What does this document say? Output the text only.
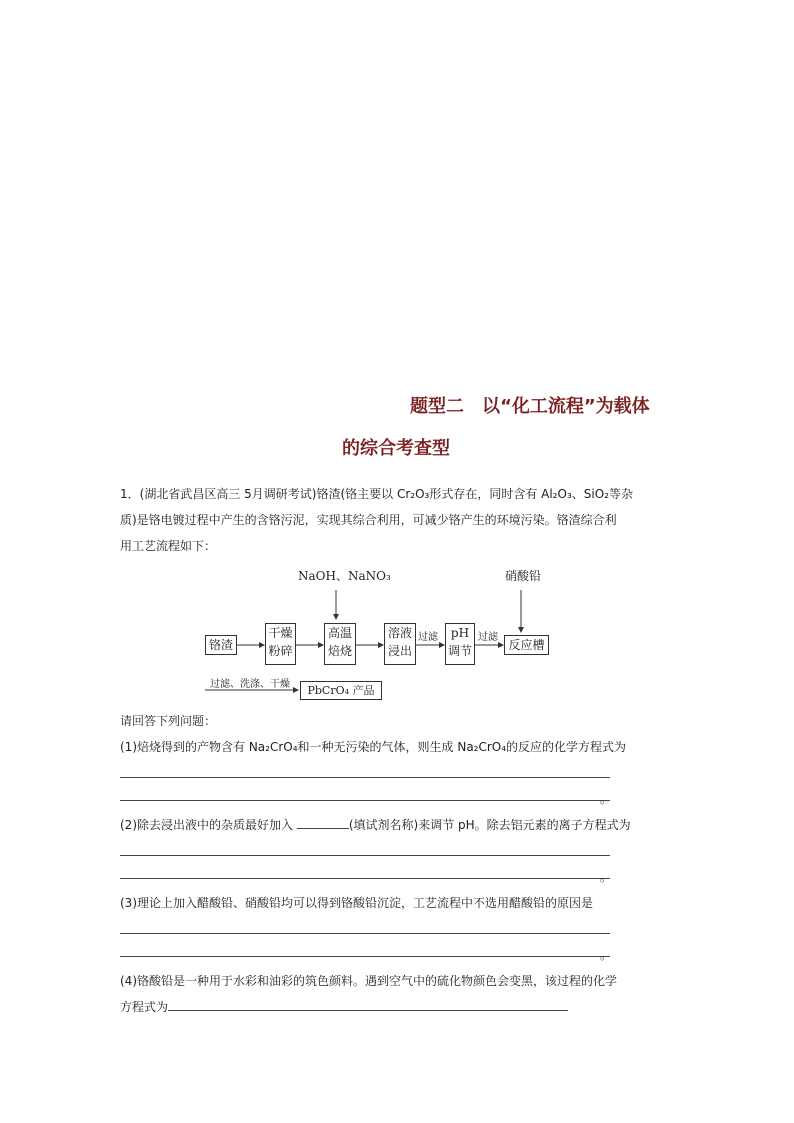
题型二　以“化工流程”为载体
的综合考查型
1．(湖北省武昌区高三 5月调研考试)铬渣(铬主要以 Cr₂O₃形式存在，同时含有 Al₂O₃、SiO₂等杂
质)是铬电镀过程中产生的含铬污泥，实现其综合利用，可减少铬产生的环境污染。铬渣综合利
用工艺流程如下：
NaOH、NaNO₃	硝酸铅
铬渣
干燥
粉碎
高温
焙烧
溶液
浸出
pH
调节	反应槽
过滤	过滤
过滤、洗涤、干燥	PbCrO₄ 产品
请回答下列问题：
(1)焙烧得到的产物含有 Na₂CrO₄和一种无污染的气体，则生成 Na₂CrO₄的反应的化学方程式为
。
(2)除去浸出液中的杂质最好加入	(填试剂名称)来调节 pH。除去铝元素的离子方程式为
。
(3)理论上加入醋酸铅、硝酸铅均可以得到铬酸铅沉淀，工艺流程中不选用醋酸铅的原因是
。
(4)铬酸铅是一种用于水彩和油彩的筑色颜料。遇到空气中的硫化物颜色会变黑，该过程的化学
方程式为
